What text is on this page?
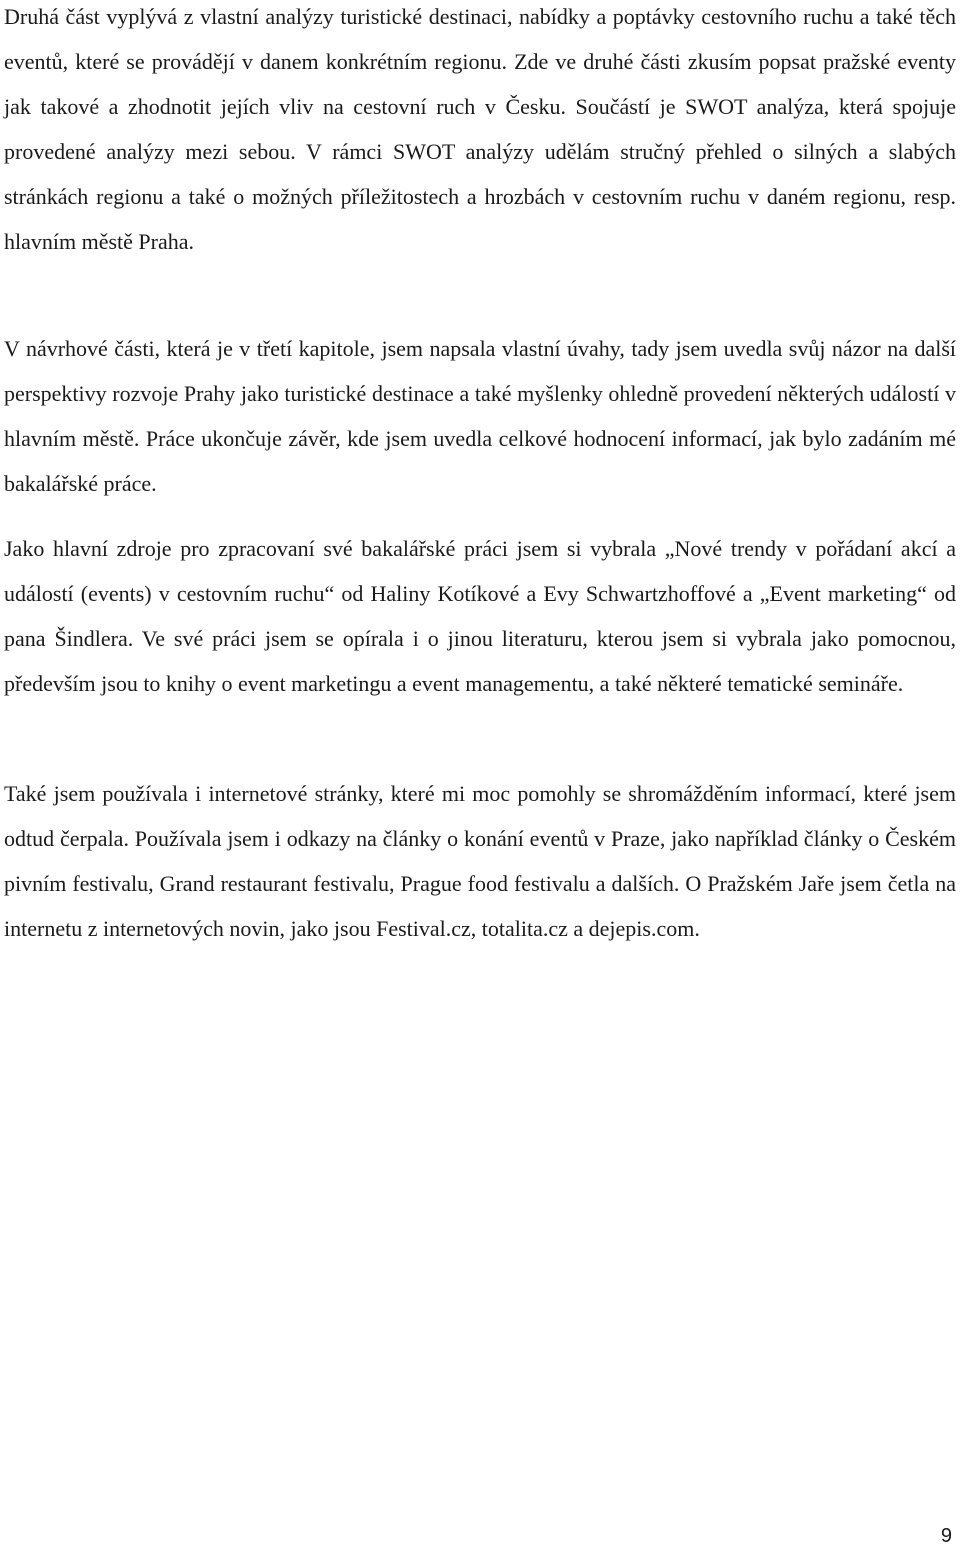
Druhá část vyplývá z vlastní analýzy turistické destinaci, nabídky a poptávky cestovního ruchu a také těch eventů, které se provádějí v danem konkrétním regionu. Zde ve druhé části zkusím popsat pražské eventy jak takové a zhodnotit jejích vliv na cestovní ruch v Česku. Součástí je SWOT analýza, která spojuje provedené analýzy mezi sebou. V rámci SWOT analýzy udělám stručný přehled o silných a slabých stránkách regionu a také o možných příležitostech a hrozbách v cestovním ruchu v daném regionu, resp. hlavním městě Praha.

V návrhové části, která je v třetí kapitole, jsem napsala vlastní úvahy, tady jsem uvedla svůj názor na další perspektivy rozvoje Prahy jako turistické destinace a také myšlenky ohledně provedení některých událostí v hlavním městě. Práce ukončuje závěr, kde jsem uvedla celkové hodnocení informací, jak bylo zadáním mé bakalářské práce.

Jako hlavní zdroje pro zpracovaní své bakalářské práci jsem si vybrala „Nové trendy v pořádaní akcí a událostí (events) v cestovním ruchu“ od Haliny Kotíkové a Evy Schwartzhoffové a „Event marketing“ od pana Šindlera. Ve své práci jsem se opírala i o jinou literaturu, kterou jsem si vybrala jako pomocnou, především jsou to knihy o event marketingu a event managementu, a také některé tematické semináře.

Také jsem používala i internetové stránky, které mi moc pomohly se shromážděním informací, které jsem odtud čerpala. Používala jsem i odkazy na články o konání eventů v Praze, jako například články o Českém pivním festivalu, Grand restaurant festivalu, Prague food festivalu a dalších. O Pražském Jaře jsem četla na internetu z internetových novin, jako jsou Festival.cz, totalita.cz a dejepis.com.

9
